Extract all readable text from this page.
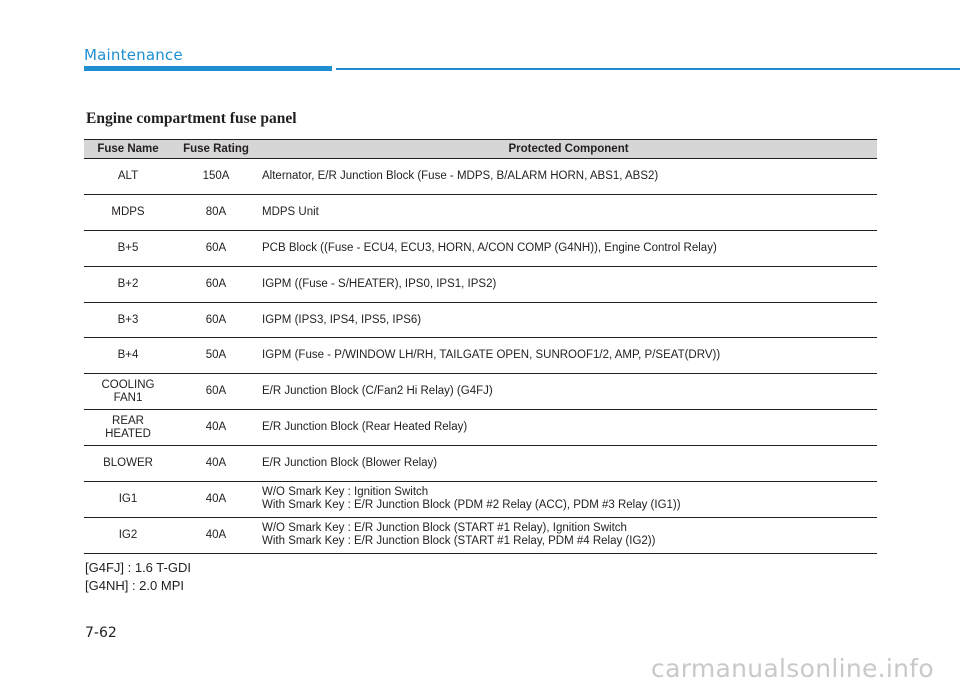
Maintenance
Engine compartment fuse panel
Fuse Name	Fuse Rating	Protected Component

ALT	150A	Alternator, E/R Junction Block (Fuse - MDPS, B/ALARM HORN, ABS1, ABS2)

MDPS	80A	MDPS Unit

B+5	60A	PCB Block ((Fuse - ECU4, ECU3, HORN, A/CON COMP (G4NH)), Engine Control Relay)

B+2	60A	IGPM ((Fuse - S/HEATER), IPS0, IPS1, IPS2)

B+3	60A	IGPM (IPS3, IPS4, IPS5, IPS6)

B+4	50A	IGPM (Fuse - P/WINDOW LH/RH, TAILGATE OPEN, SUNROOF1/2, AMP, P/SEAT(DRV))

COOLING
FAN1	60A	E/R Junction Block (C/Fan2 Hi Relay) (G4FJ)

REAR
HEATED	40A	E/R Junction Block (Rear Heated Relay)

BLOWER	40A	E/R Junction Block (Blower Relay)

IG1	40A	W/O Smark Key : Ignition Switch
With Smark Key : E/R Junction Block (PDM #2 Relay (ACC), PDM #3 Relay (IG1))

IG2	40A	W/O Smark Key : E/R Junction Block (START #1 Relay), Ignition Switch
With Smark Key : E/R Junction Block (START #1 Relay, PDM #4 Relay (IG2))
[G4FJ] : 1.6 T-GDI
[G4NH] : 2.0 MPI
7-62
carmanualsonline.info
